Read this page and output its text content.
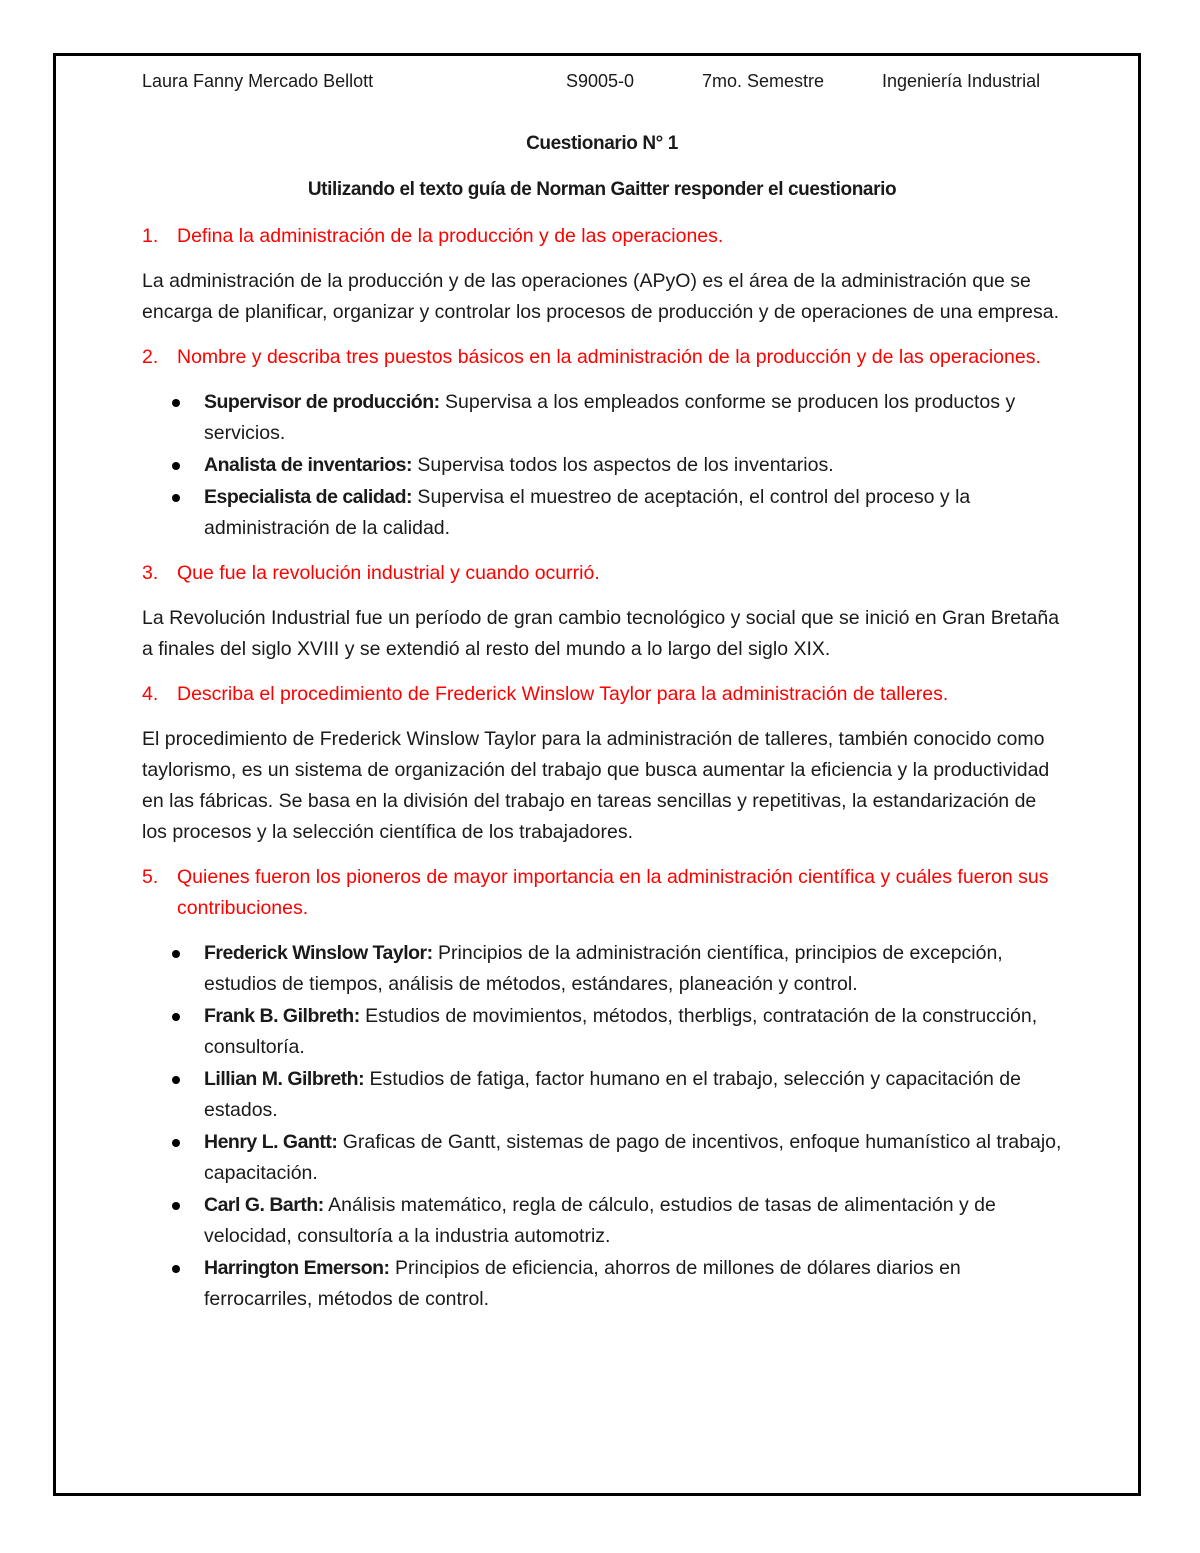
Laura Fanny Mercado Bellott	S9005-0	7mo. Semestre	Ingeniería Industrial
Cuestionario N° 1
Utilizando el texto guía de Norman Gaitter responder el cuestionario
1. Defina la administración de la producción y de las operaciones.
La administración de la producción y de las operaciones (APyO) es el área de la administración que se encarga de planificar, organizar y controlar los procesos de producción y de operaciones de una empresa.
2. Nombre y describa tres puestos básicos en la administración de la producción y de las operaciones.
Supervisor de producción: Supervisa a los empleados conforme se producen los productos y servicios.
Analista de inventarios: Supervisa todos los aspectos de los inventarios.
Especialista de calidad: Supervisa el muestreo de aceptación, el control del proceso y la administración de la calidad.
3. Que fue la revolución industrial y cuando ocurrió.
La Revolución Industrial fue un período de gran cambio tecnológico y social que se inició en Gran Bretaña a finales del siglo XVIII y se extendió al resto del mundo a lo largo del siglo XIX.
4. Describa el procedimiento de Frederick Winslow Taylor para la administración de talleres.
El procedimiento de Frederick Winslow Taylor para la administración de talleres, también conocido como taylorismo, es un sistema de organización del trabajo que busca aumentar la eficiencia y la productividad en las fábricas. Se basa en la división del trabajo en tareas sencillas y repetitivas, la estandarización de los procesos y la selección científica de los trabajadores.
5. Quienes fueron los pioneros de mayor importancia en la administración científica y cuáles fueron sus contribuciones.
Frederick Winslow Taylor: Principios de la administración científica, principios de excepción, estudios de tiempos, análisis de métodos, estándares, planeación y control.
Frank B. Gilbreth: Estudios de movimientos, métodos, therbligs, contratación de la construcción, consultoría.
Lillian M. Gilbreth: Estudios de fatiga, factor humano en el trabajo, selección y capacitación de estados.
Henry L. Gantt: Graficas de Gantt, sistemas de pago de incentivos, enfoque humanístico al trabajo, capacitación.
Carl G. Barth: Análisis matemático, regla de cálculo, estudios de tasas de alimentación y de velocidad, consultoría a la industria automotriz.
Harrington Emerson: Principios de eficiencia, ahorros de millones de dólares diarios en ferrocarriles, métodos de control.
